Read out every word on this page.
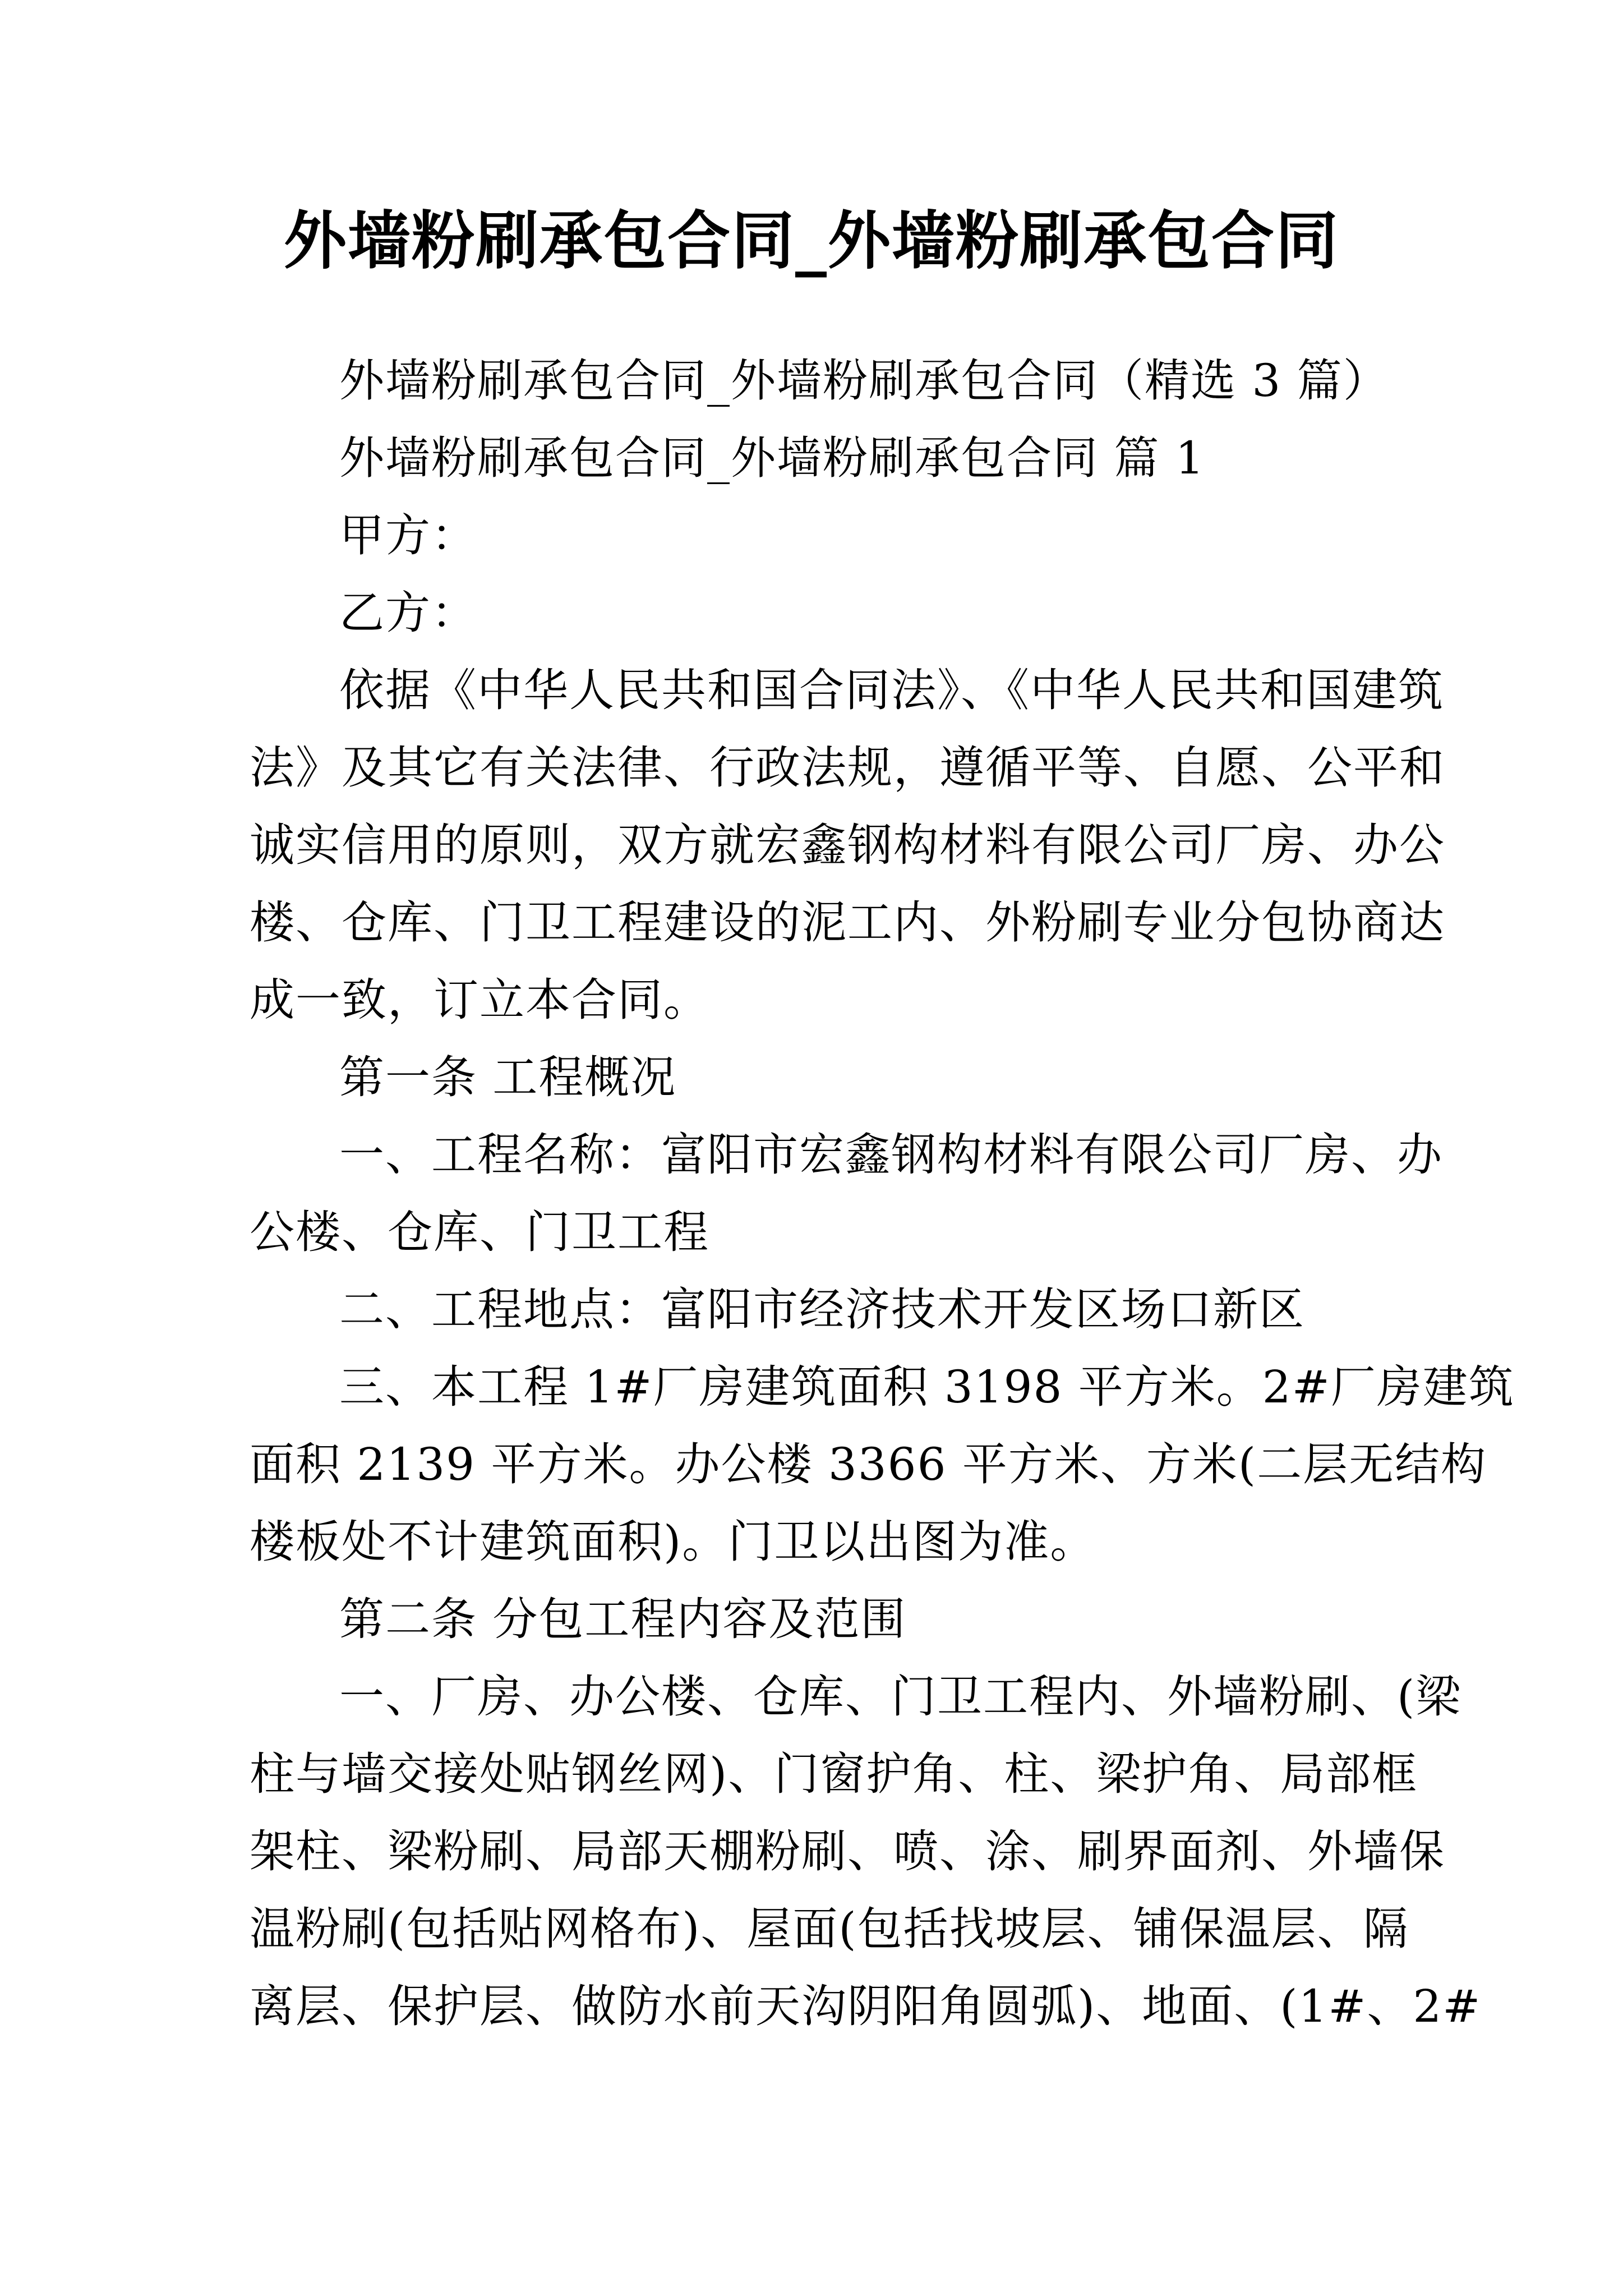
外墙粉刷承包合同_外墙粉刷承包合同

外墙粉刷承包合同_外墙粉刷承包合同（精选 3 篇）

外墙粉刷承包合同_外墙粉刷承包合同 篇 1

甲方：

乙方：

依据《中华人民共和国合同法》、《中华人民共和国建筑

法》及其它有关法律、行政法规，遵循平等、自愿、公平和

诚实信用的原则，双方就宏鑫钢构材料有限公司厂房、办公

楼、仓库、门卫工程建设的泥工内、外粉刷专业分包协商达

成一致，订立本合同。

第一条 工程概况

一、工程名称：富阳市宏鑫钢构材料有限公司厂房、办

公楼、仓库、门卫工程

二、工程地点：富阳市经济技术开发区场口新区

三、本工程 1#厂房建筑面积 3198 平方米。2#厂房建筑

面积 2139 平方米。办公楼 3366 平方米、方米(二层无结构

楼板处不计建筑面积)。门卫以出图为准。

第二条 分包工程内容及范围

一、厂房、办公楼、仓库、门卫工程内、外墙粉刷、(梁

柱与墙交接处贴钢丝网)、门窗护角、柱、梁护角、局部框

架柱、梁粉刷、局部天棚粉刷、喷、涂、刷界面剂、外墙保

温粉刷(包括贴网格布)、屋面(包括找坡层、铺保温层、隔

离层、保护层、做防水前天沟阴阳角圆弧)、地面、(1#、2#
